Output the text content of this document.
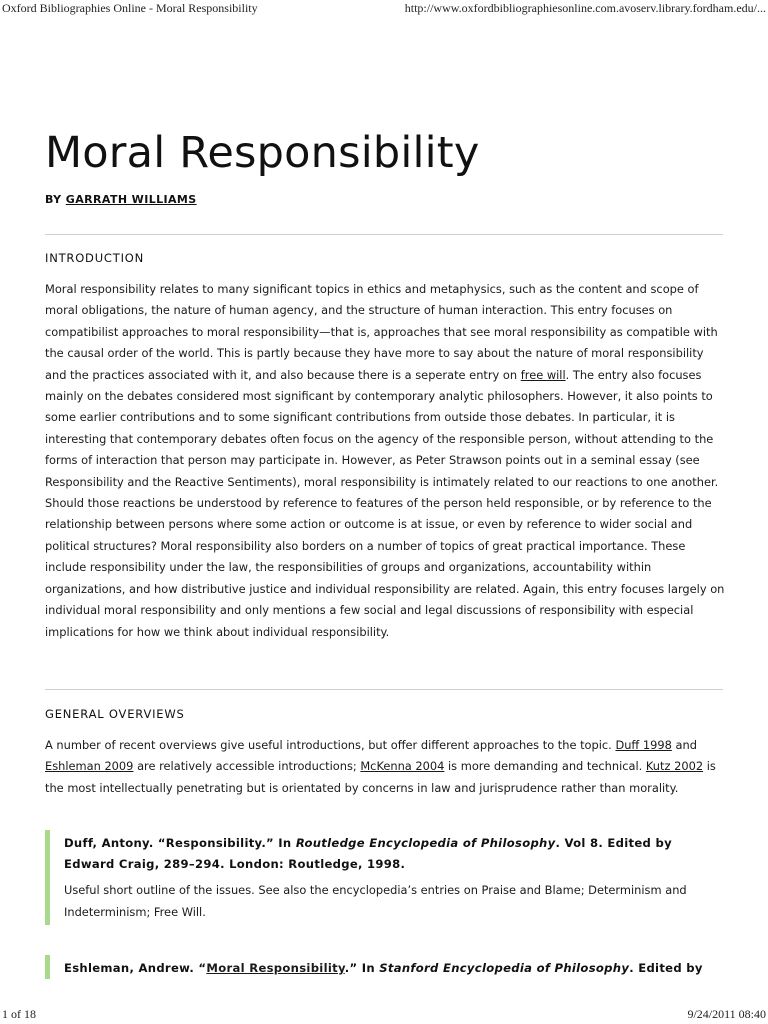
Oxford Bibliographies Online - Moral Responsibility	http://www.oxfordbibliographiesonline.com.avoserv.library.fordham.edu/...
Moral Responsibility
BY GARRATH WILLIAMS
INTRODUCTION

Moral responsibility relates to many significant topics in ethics and metaphysics, such as the content and scope of moral obligations, the nature of human agency, and the structure of human interaction. This entry focuses on compatibilist approaches to moral responsibility—that is, approaches that see moral responsibility as compatible with the causal order of the world. This is partly because they have more to say about the nature of moral responsibility and the practices associated with it, and also because there is a seperate entry on free will. The entry also focuses mainly on the debates considered most significant by contemporary analytic philosophers. However, it also points to some earlier contributions and to some significant contributions from outside those debates. In particular, it is interesting that contemporary debates often focus on the agency of the responsible person, without attending to the forms of interaction that person may participate in. However, as Peter Strawson points out in a seminal essay (see Responsibility and the Reactive Sentiments), moral responsibility is intimately related to our reactions to one another. Should those reactions be understood by reference to features of the person held responsible, or by reference to the relationship between persons where some action or outcome is at issue, or even by reference to wider social and political structures? Moral responsibility also borders on a number of topics of great practical importance. These include responsibility under the law, the responsibilities of groups and organizations, accountability within organizations, and how distributive justice and individual responsibility are related. Again, this entry focuses largely on individual moral responsibility and only mentions a few social and legal discussions of responsibility with especial implications for how we think about individual responsibility.

GENERAL OVERVIEWS

A number of recent overviews give useful introductions, but offer different approaches to the topic. Duff 1998 and Eshleman 2009 are relatively accessible introductions; McKenna 2004 is more demanding and technical. Kutz 2002 is the most intellectually penetrating but is orientated by concerns in law and jurisprudence rather than morality.

Duff, Antony. “Responsibility.” In Routledge Encyclopedia of Philosophy. Vol 8. Edited by Edward Craig, 289–294. London: Routledge, 1998.

Useful short outline of the issues. See also the encyclopedia’s entries on Praise and Blame; Determinism and Indeterminism; Free Will.

Eshleman, Andrew. “Moral Responsibility.” In Stanford Encyclopedia of Philosophy. Edited by

1 of 18	9/24/2011 08:40
